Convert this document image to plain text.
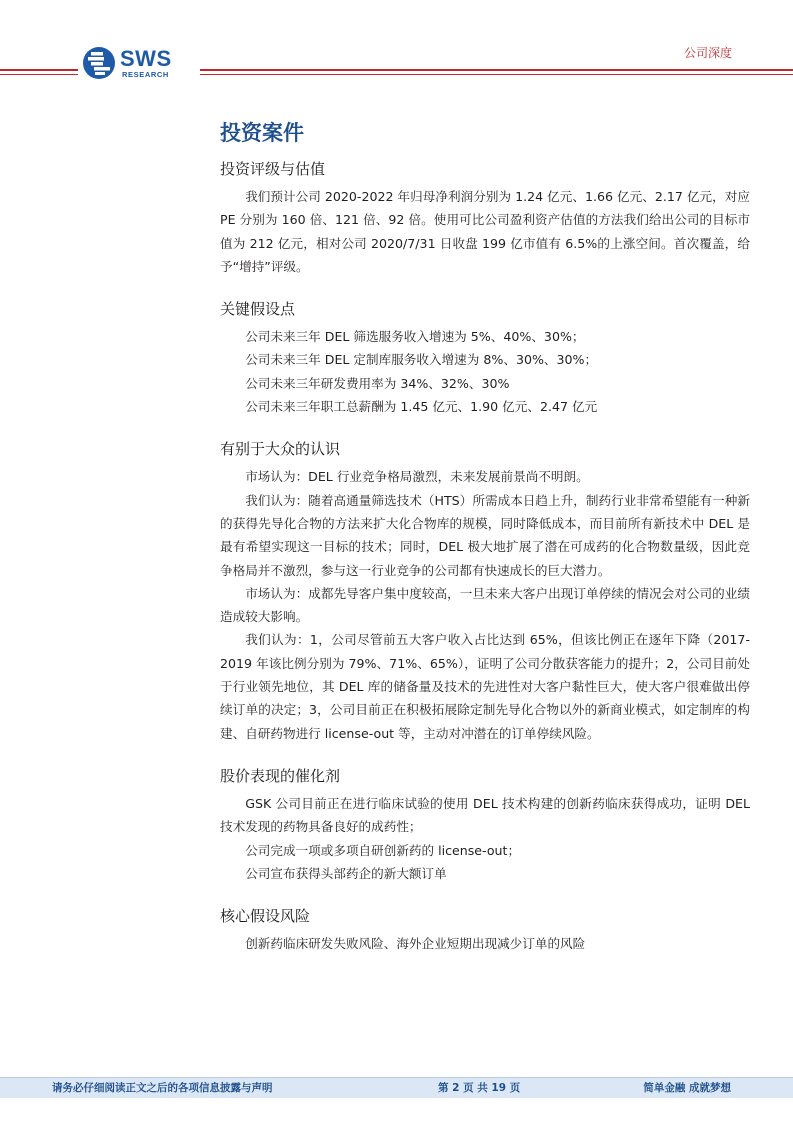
SWS
RESEARCH
公司深度
投资案件
投资评级与估值

我们预计公司 2020-2022 年归母净利润分别为 1.24 亿元、1.66 亿元、2.17 亿元，对应 PE 分别为 160 倍、121 倍、92 倍。使用可比公司盈利资产估值的方法我们给出公司的目标市值为 212 亿元，相对公司 2020/7/31 日收盘 199 亿市值有 6.5%的上涨空间。首次覆盖，给予“增持”评级。

关键假设点

公司未来三年 DEL 筛选服务收入增速为 5%、40%、30%；

公司未来三年 DEL 定制库服务收入增速为 8%、30%、30%；

公司未来三年研发费用率为 34%、32%、30%

公司未来三年职工总薪酬为 1.45 亿元、1.90 亿元、2.47 亿元

有别于大众的认识

市场认为：DEL 行业竞争格局激烈，未来发展前景尚不明朗。

我们认为：随着高通量筛选技术（HTS）所需成本日趋上升，制药行业非常希望能有一种新的获得先导化合物的方法来扩大化合物库的规模，同时降低成本，而目前所有新技术中 DEL 是最有希望实现这一目标的技术；同时，DEL 极大地扩展了潜在可成药的化合物数量级，因此竞争格局并不激烈，参与这一行业竞争的公司都有快速成长的巨大潜力。

市场认为：成都先导客户集中度较高，一旦未来大客户出现订单停续的情况会对公司的业绩造成较大影响。

我们认为：1，公司尽管前五大客户收入占比达到 65%，但该比例正在逐年下降（2017-2019 年该比例分别为 79%、71%、65%），证明了公司分散获客能力的提升；2，公司目前处于行业领先地位，其 DEL 库的储备量及技术的先进性对大客户黏性巨大，使大客户很难做出停续订单的决定；3，公司目前正在积极拓展除定制先导化合物以外的新商业模式，如定制库的构建、自研药物进行 license-out 等，主动对冲潜在的订单停续风险。

股价表现的催化剂

GSK 公司目前正在进行临床试验的使用 DEL 技术构建的创新药临床获得成功，证明 DEL 技术发现的药物具备良好的成药性；

公司完成一项或多项自研创新药的 license-out；

公司宣布获得头部药企的新大额订单

核心假设风险

创新药临床研发失败风险、海外企业短期出现减少订单的风险

请务必仔细阅读正文之后的各项信息披露与声明	第 2 页 共 19 页	简单金融 成就梦想
